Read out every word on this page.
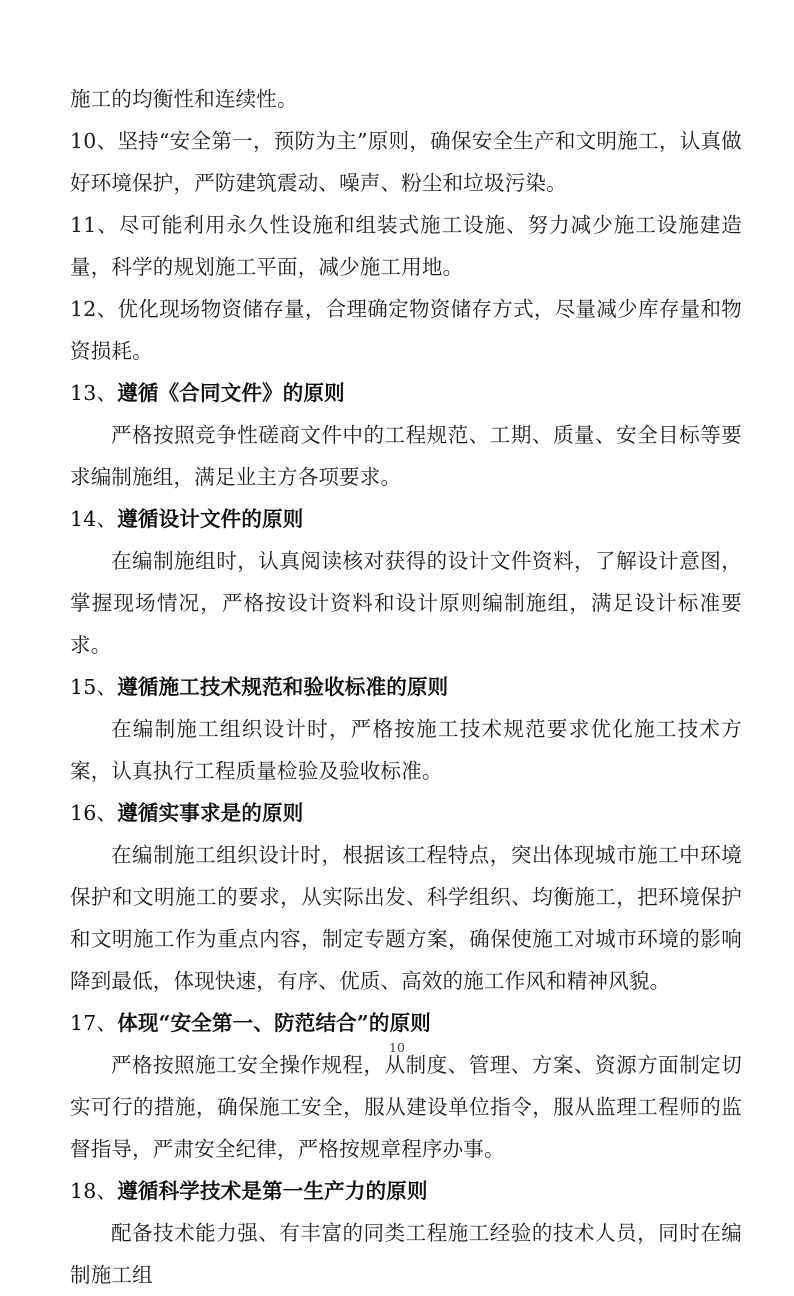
施工的均衡性和连续性。

10、坚持“安全第一，预防为主”原则，确保安全生产和文明施工，认真做好环境保护，严防建筑震动、噪声、粉尘和垃圾污染。

11、尽可能利用永久性设施和组装式施工设施、努力减少施工设施建造量，科学的规划施工平面，减少施工用地。

12、优化现场物资储存量，合理确定物资储存方式，尽量减少库存量和物资损耗。

13、遵循《合同文件》的原则

严格按照竞争性磋商文件中的工程规范、工期、质量、安全目标等要求编制施组，满足业主方各项要求。

14、遵循设计文件的原则

在编制施组时，认真阅读核对获得的设计文件资料，了解设计意图，掌握现场情况，严格按设计资料和设计原则编制施组，满足设计标准要求。

15、遵循施工技术规范和验收标准的原则

在编制施工组织设计时，严格按施工技术规范要求优化施工技术方案，认真执行工程质量检验及验收标准。

16、遵循实事求是的原则

在编制施工组织设计时，根据该工程特点，突出体现城市施工中环境保护和文明施工的要求，从实际出发、科学组织、均衡施工，把环境保护和文明施工作为重点内容，制定专题方案，确保使施工对城市环境的影响降到最低，体现快速，有序、优质、高效的施工作风和精神风貌。

17、体现“安全第一、防范结合”的原则

严格按照施工安全操作规程，从制度、管理、方案、资源方面制定切实可行的措施，确保施工安全，服从建设单位指令，服从监理工程师的监督指导，严肃安全纪律，严格按规章程序办事。

18、遵循科学技术是第一生产力的原则

配备技术能力强、有丰富的同类工程施工经验的技术人员，同时在编制施工组

10
